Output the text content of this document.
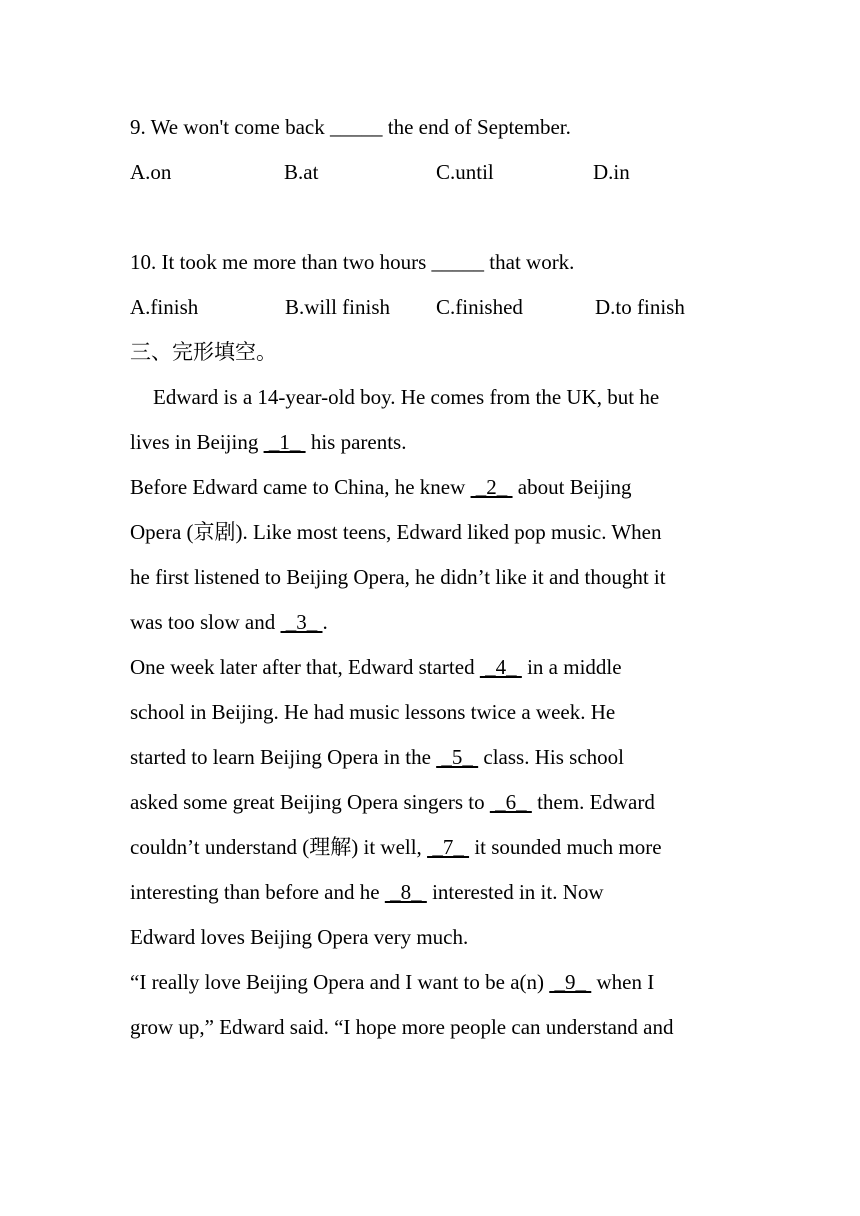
9. We won't come back _____ the end of September.
A.on	B.at	C.until	D.in
10. It took me more than two hours _____ that work.
A.finish	B.will finish C.finished	D.to finish
三、完形填空。
Edward is a 14-year-old boy. He comes from the UK, but he
lives in Beijing  _1_  his parents.
Before Edward came to China, he knew  _2_  about Beijing
Opera (京剧). Like most teens, Edward liked pop music. When
he first listened to Beijing Opera, he didn’t like it and thought it
was too slow and  _3_ .
One week later after that, Edward started  _4_  in a middle
school in Beijing. He had music lessons twice a week. He
started to learn Beijing Opera in the  _5_  class. His school
asked some great Beijing Opera singers to  _6_  them. Edward
couldn’t understand (理解) it well,  _7_  it sounded much more
interesting than before and he  _8_  interested in it. Now
Edward loves Beijing Opera very much.
“I really love Beijing Opera and I want to be a(n)  _9_  when I
grow up,” Edward said. “I hope more people can understand and
